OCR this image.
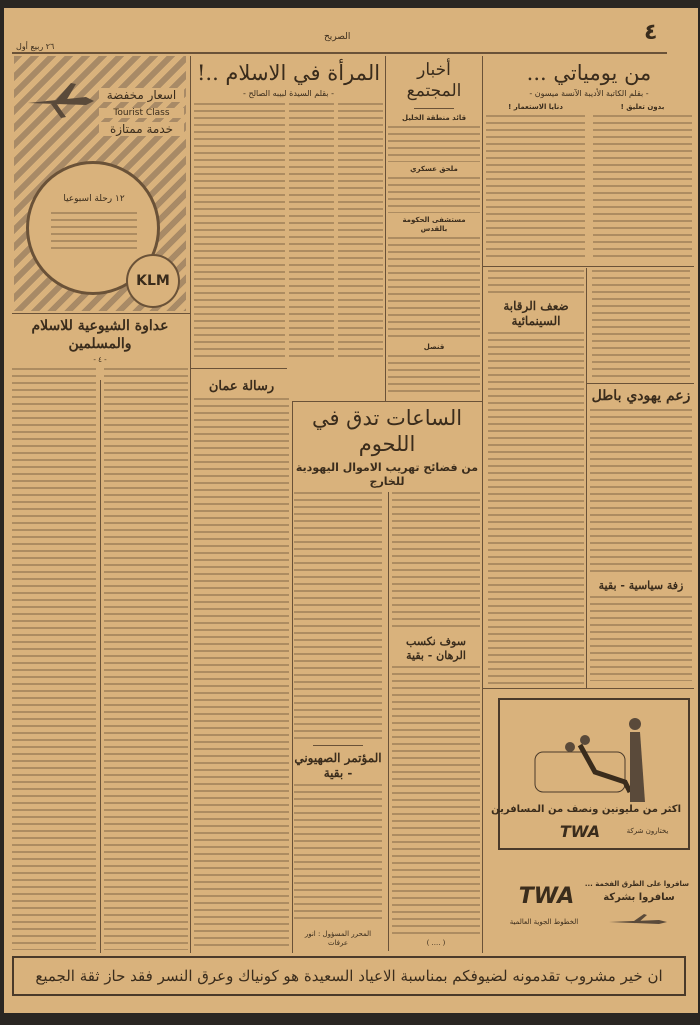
٤
الصريح
٢٦ ربيع أول
اسعار مخفضة
Tourist Class
خدمة ممتازة
١٢ رحلة اسبوعيا
KLM
عداوة الشيوعية للاسلام والمسلمين
- ٤ -
المرأة في الاسلام ..!
- بقلم السيدة لبيبه الصالح -
رسالة عمان
أخبار المجتمع
قائد منطقة الخليل
ملحق عسكري
مستشفى الحكومة بالقدس
قنصل
من يومياتي ...
- بقلم الكاتبة الأديبة الآنسة ميسون -
بدون تعليق !
دنايا الاستعمار !
ضعف الرقابة السينمائية
زعم يهودي باطل
زفة سياسية - بقية
الساعات تدق في اللحوم
من فضائح تهريب الاموال اليهودية للخارج
سوف نكسب الرهان - بقية
( .... )
المؤتمر الصهيوني - بقية
المحرر المسؤول : انور عرفات
اكثر من مليونين ونصف من المسافرين
TWA	يختارون شركة
سافروا على الطرق الفخمة ...
سافروا بشركة
TWA
الخطوط الجوية العالمية
ان خير مشروب تقدمونه لضيوفكم بمناسبة الاعياد السعيدة هو كونياك وعرق النسر فقد حاز ثقة الجميع
